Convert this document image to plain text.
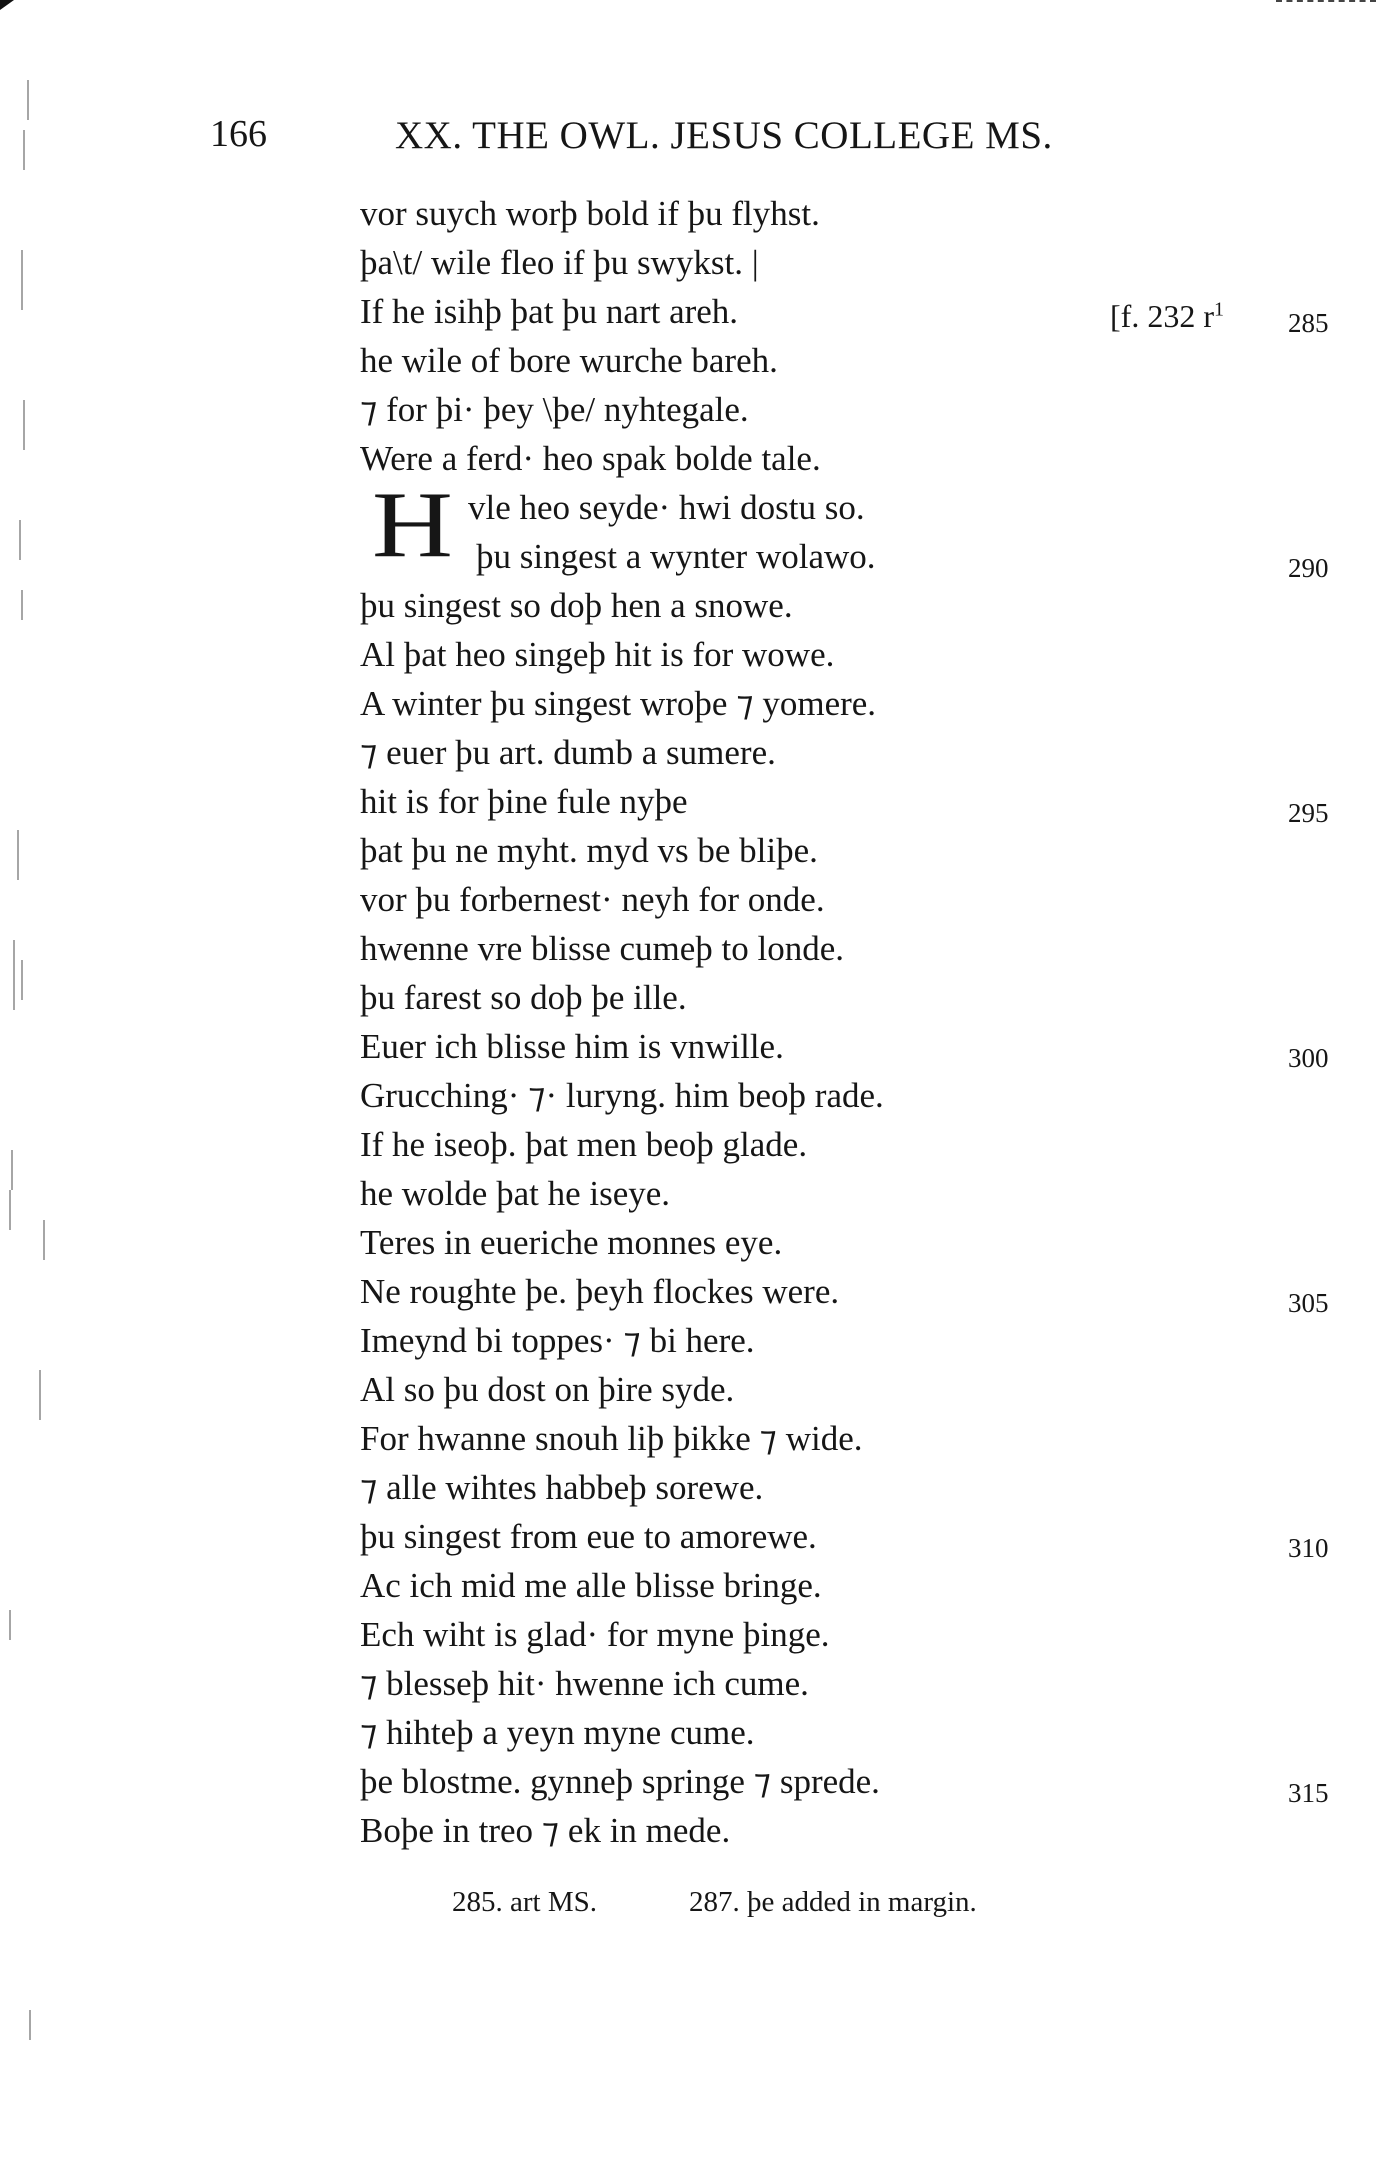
166	XX. THE OWL. JESUS COLLEGE MS.
[f. 232 $r^1$
H
vor suych worþ bold if þu flyhst.
þa\t/ wile fleo if þu swykst. |
If he isihþ þat þu nart areh.
he wile of bore wurche bareh.
⁊ for þi· þey \þe/ nyhtegale.
Were a ferd· heo spak bolde tale.
vle heo seyde· hwi dostu so.
þu singest a wynter wolawo.
þu singest so doþ hen a snowe.
Al þat heo singeþ hit is for wowe.
A winter þu singest wroþe ⁊ yomere.
⁊ euer þu art. dumb a sumere.
hit is for þine fule nyþe
þat þu ne myht. myd vs be bliþe.
vor þu forbernest· neyh for onde.
hwenne vre blisse cumeþ to londe.
þu farest so doþ þe ille.
Euer ich blisse him is vnwille.
Grucching· ⁊· luryng. him beoþ rade.
If he iseoþ. þat men beoþ glade.
he wolde þat he iseye.
Teres in eueriche monnes eye.
Ne roughte þe. þeyh flockes were.
Imeynd bi toppes· ⁊ bi here.
Al so þu dost on þire syde.
For hwanne snouh liþ þikke ⁊ wide.
⁊ alle wihtes habbeþ sorewe.
þu singest from eue to amorewe.
Ac ich mid me alle blisse bringe.
Ech wiht is glad· for myne þinge.
⁊ blesseþ hit· hwenne ich cume.
⁊ hihteþ a yeyn myne cume.
þe blostme. gynneþ springe ⁊ sprede.
Boþe in treo ⁊ ek in mede.
285
290
295
300
305
310
315
285. art MS.	287. þe added in margin.
